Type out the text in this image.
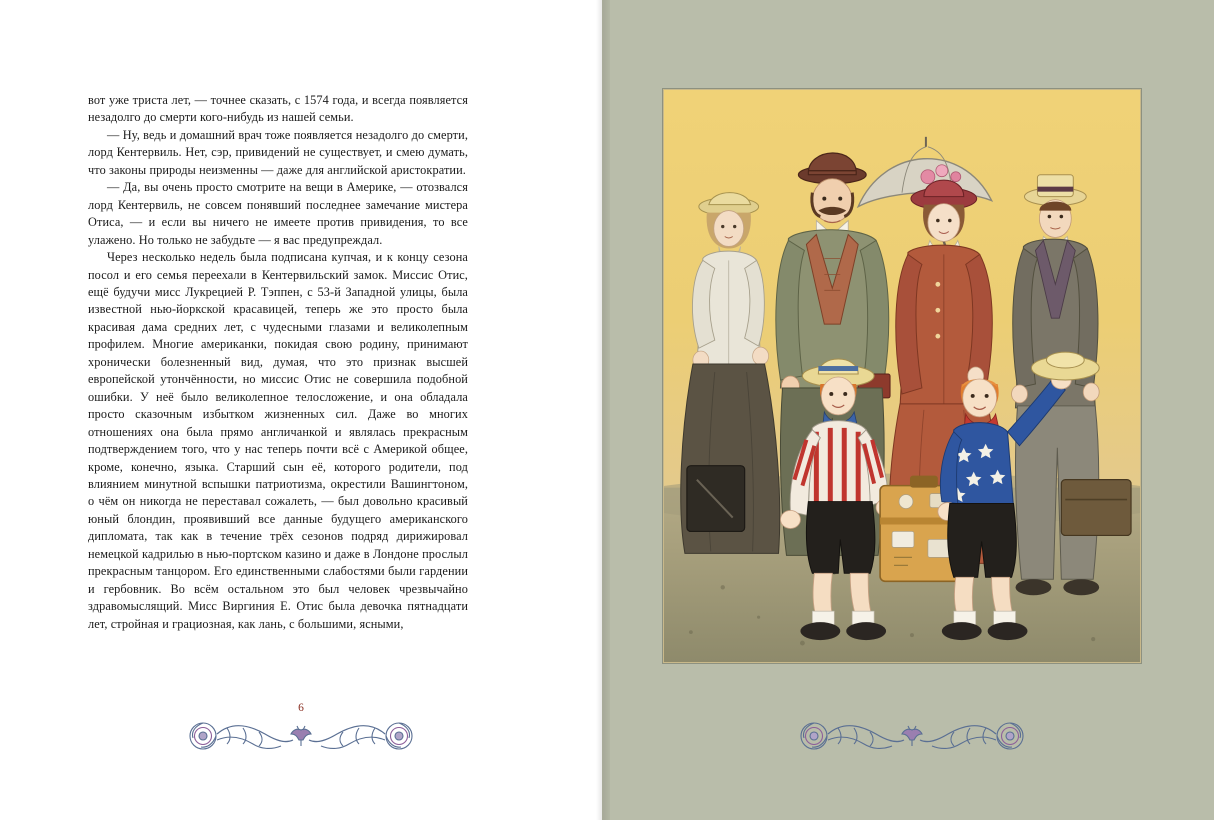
вот уже триста лет, — точнее сказать, с 1574 года, и всегда появляется незадолго до смерти кого-нибудь из нашей семьи.

— Ну, ведь и домашний врач тоже появляется незадолго до смерти, лорд Кентервиль. Нет, сэр, привидений не существует, и смею думать, что законы природы неизменны — даже для английской аристократии.

— Да, вы очень просто смотрите на вещи в Америке, — отозвался лорд Кентервиль, не совсем понявший последнее замечание мистера Отиса, — и если вы ничего не имеете против привидения, то все улажено. Но только не забудьте — я вас предупреждал.

Через несколько недель была подписана купчая, и к концу сезона посол и его семья переехали в Кентервильский замок. Миссис Отис, ещё будучи мисс Лукрецией Р. Тэппен, с 53-й Западной улицы, была известной нью-йоркской красавицей, теперь же это просто была красивая дама средних лет, с чудесными глазами и великолепным профилем. Многие американки, покидая свою родину, принимают хронически болезненный вид, думая, что это признак высшей европейской утончённости, но миссис Отис не совершила подобной ошибки. У неё было великолепное телосложение, и она обладала просто сказочным избытком жизненных сил. Даже во многих отношениях она была прямо англичанкой и являлась прекрасным подтверждением того, что у нас теперь почти всё с Америкой общее, кроме, конечно, языка. Старший сын её, которого родители, под влиянием минутной вспышки патриотизма, окрестили Вашингтоном, о чём он никогда не переставал сожалеть, — был довольно красивый юный блондин, проявивший все данные будущего американского дипломата, так как в течение трёх сезонов подряд дирижировал немецкой кадрилью в нью-портском казино и даже в Лондоне прослыл прекрасным танцором. Его единственными слабостями были гардении и гербовник. Во всём остальном это был человек чрезвычайно здравомыслящий. Мисс Виргиния Е. Отис была девочка пятнадцати лет, стройная и грациозная, как лань, с большими, ясными,

6
